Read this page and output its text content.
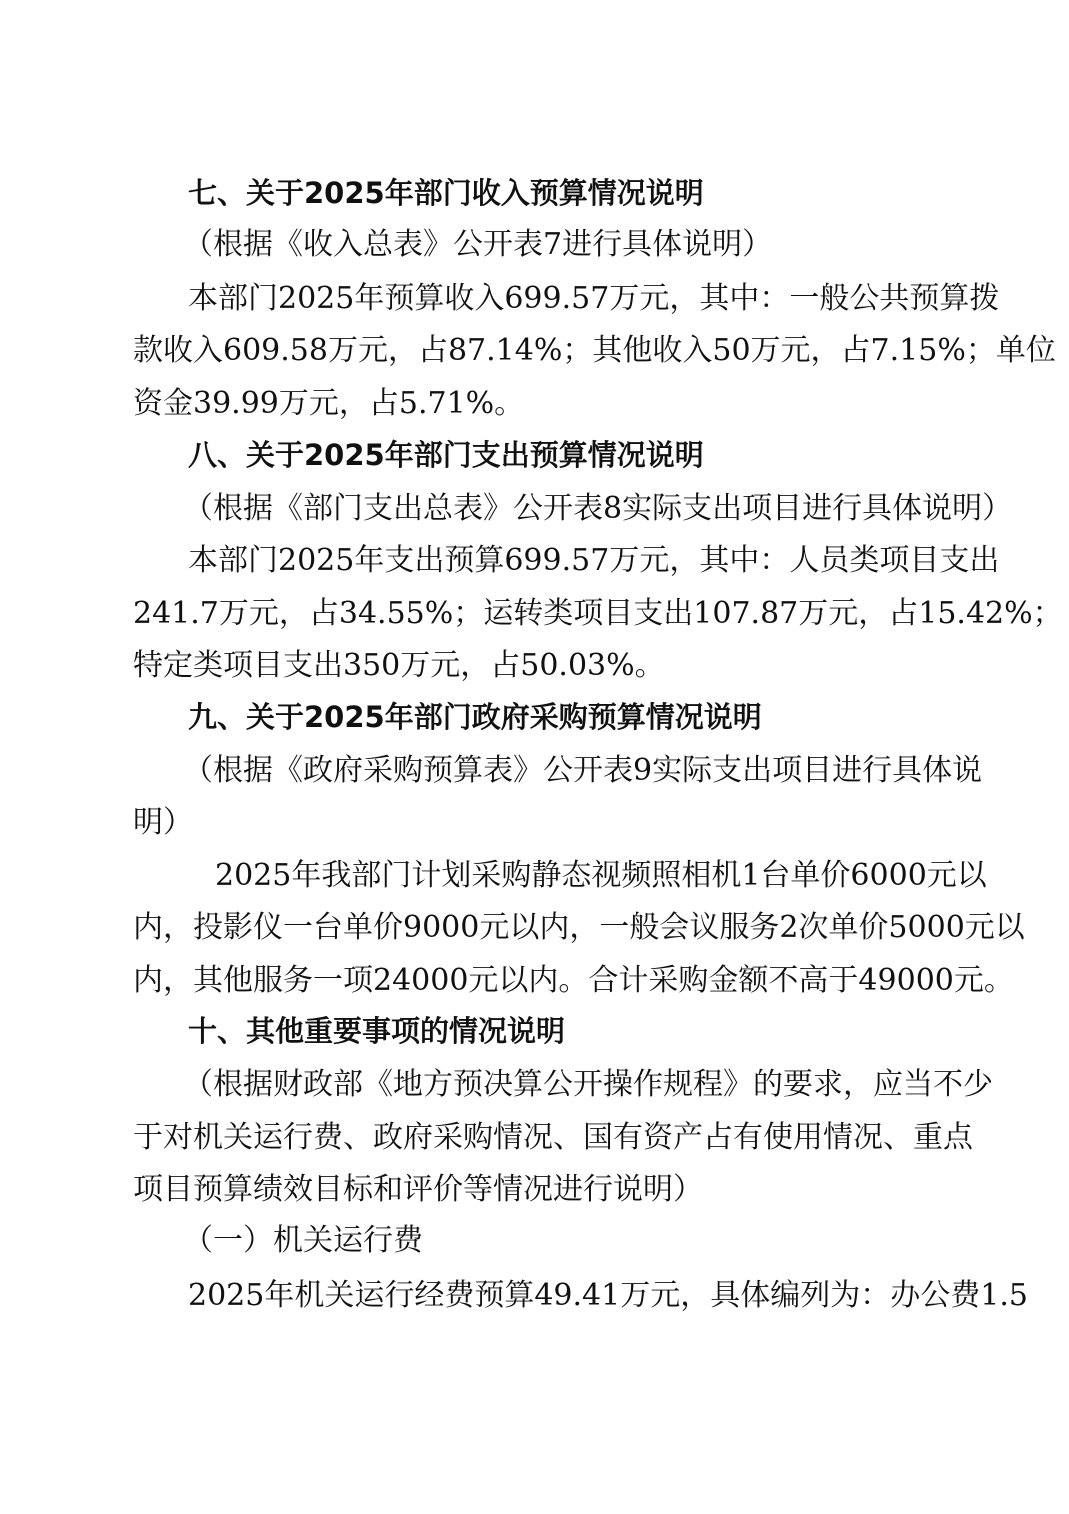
七、关于2025年部门收入预算情况说明
（根据《收入总表》公开表7进行具体说明）
本部门2025年预算收入699.57万元，其中：一般公共预算拨
款收入609.58万元，占87.14%；其他收入50万元，占7.15%；单位
资金39.99万元，占5.71%。
八、关于2025年部门支出预算情况说明
（根据《部门支出总表》公开表8实际支出项目进行具体说明）
本部门2025年支出预算699.57万元，其中：人员类项目支出
241.7万元，占34.55%；运转类项目支出107.87万元，占15.42%；
特定类项目支出350万元，占50.03%。
九、关于2025年部门政府采购预算情况说明
（根据《政府采购预算表》公开表9实际支出项目进行具体说
明）
2025年我部门计划采购静态视频照相机1台单价6000元以
内，投影仪一台单价9000元以内，一般会议服务2次单价5000元以
内，其他服务一项24000元以内。合计采购金额不高于49000元。
十、其他重要事项的情况说明
（根据财政部《地方预决算公开操作规程》的要求，应当不少
于对机关运行费、政府采购情况、国有资产占有使用情况、重点
项目预算绩效目标和评价等情况进行说明）
（一）机关运行费
2025年机关运行经费预算49.41万元，具体编列为：办公费1.5
